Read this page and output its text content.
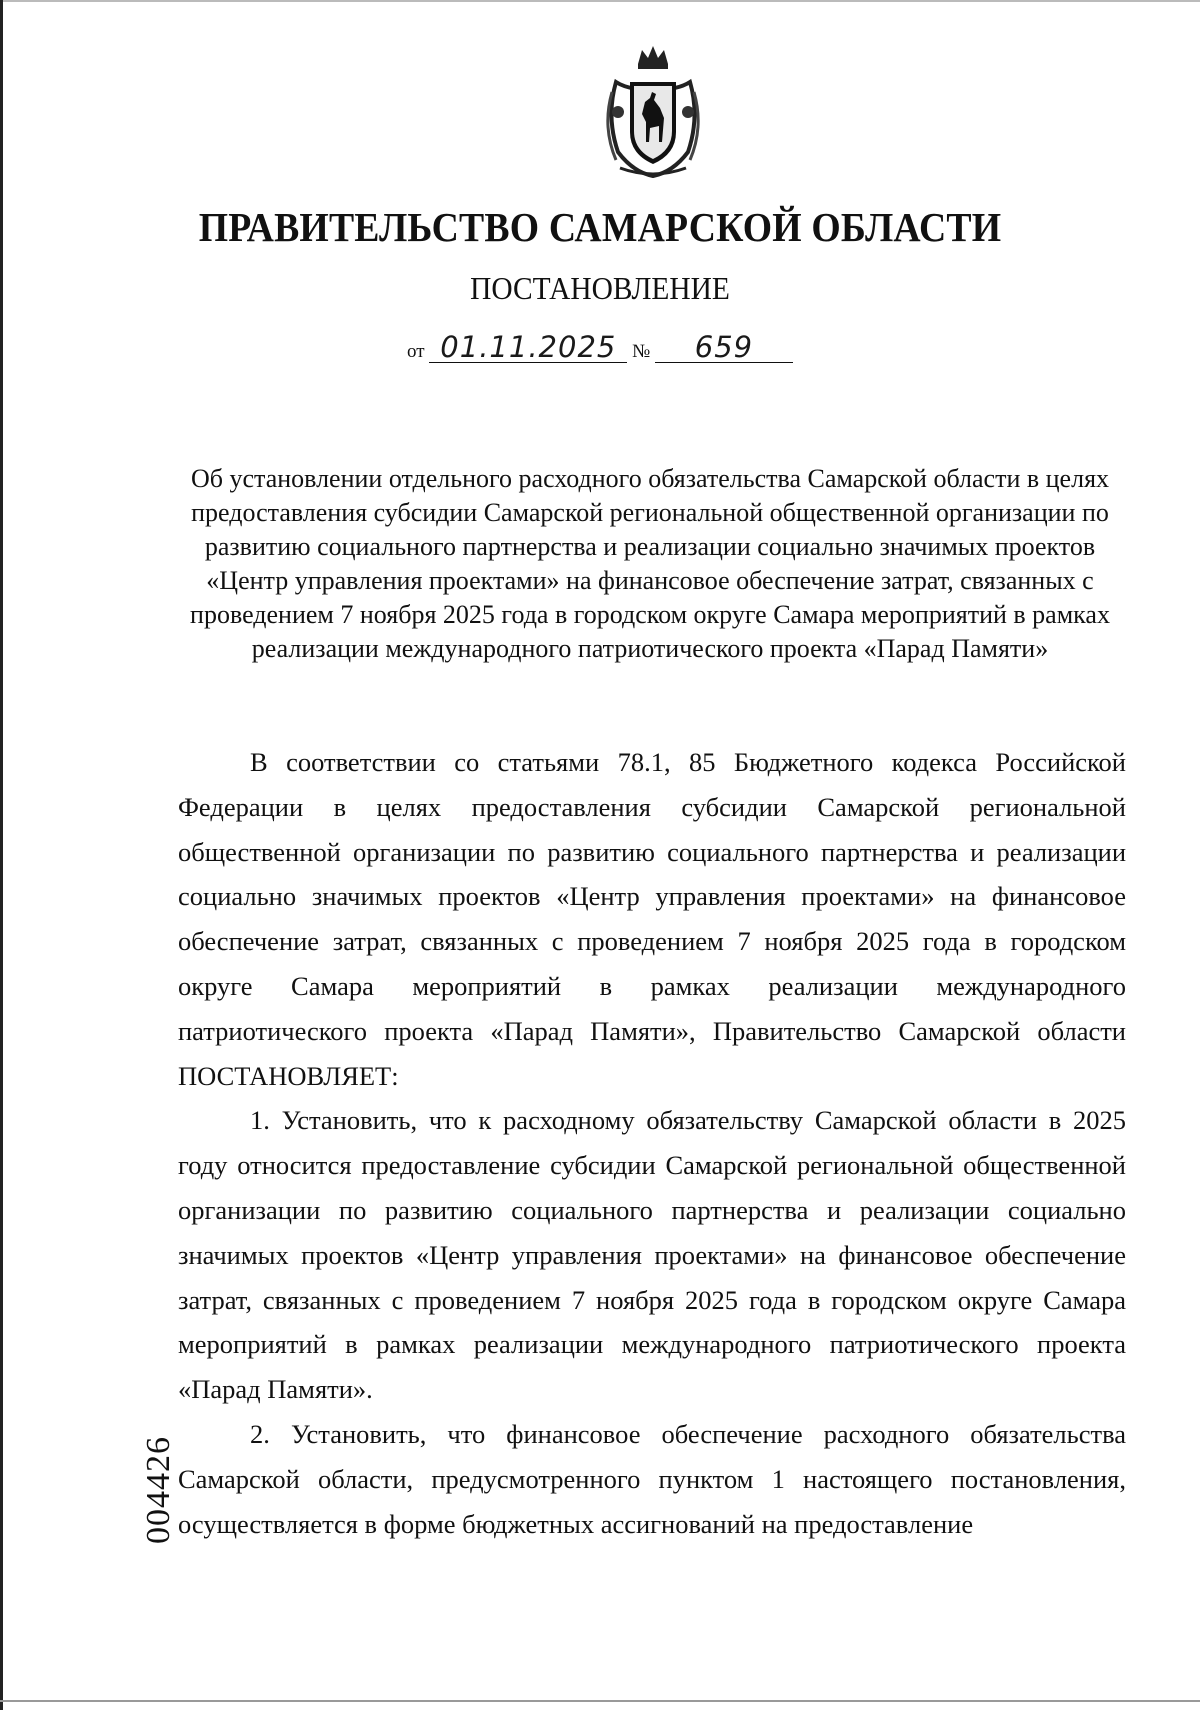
ПРАВИТЕЛЬСТВО САМАРСКОЙ ОБЛАСТИ
ПОСТАНОВЛЕНИЕ
от 01.11.2025 № 659
Об установлении отдельного расходного обязательства Самарской области в целях предоставления субсидии Самарской региональной общественной организации по развитию социального партнерства и реализации социально значимых проектов «Центр управления проектами» на финансовое обеспечение затрат, связанных с проведением 7 ноября 2025 года в городском округе Самара мероприятий в рамках реализации международного патриотического проекта «Парад Памяти»

В соответствии со статьями 78.1, 85 Бюджетного кодекса Российской Федерации в целях предоставления субсидии Самарской региональной общественной организации по развитию социального партнерства и реализации социально значимых проектов «Центр управления проектами» на финансовое обеспечение затрат, связанных с проведением 7 ноября 2025 года в городском округе Самара мероприятий в рамках реализации международного патриотического проекта «Парад Памяти», Правительство Самарской области ПОСТАНОВЛЯЕТ:

1. Установить, что к расходному обязательству Самарской области в 2025 году относится предоставление субсидии Самарской региональной общественной организации по развитию социального партнерства и реализации социально значимых проектов «Центр управления проектами» на финансовое обеспечение затрат, связанных с проведением 7 ноября 2025 года в городском округе Самара мероприятий в рамках реализации международного патриотического проекта «Парад Памяти».

2. Установить, что финансовое обеспечение расходного обязательства Самарской области, предусмотренного пунктом 1 настоящего постановления, осуществляется в форме бюджетных ассигнований на предоставление

004426
